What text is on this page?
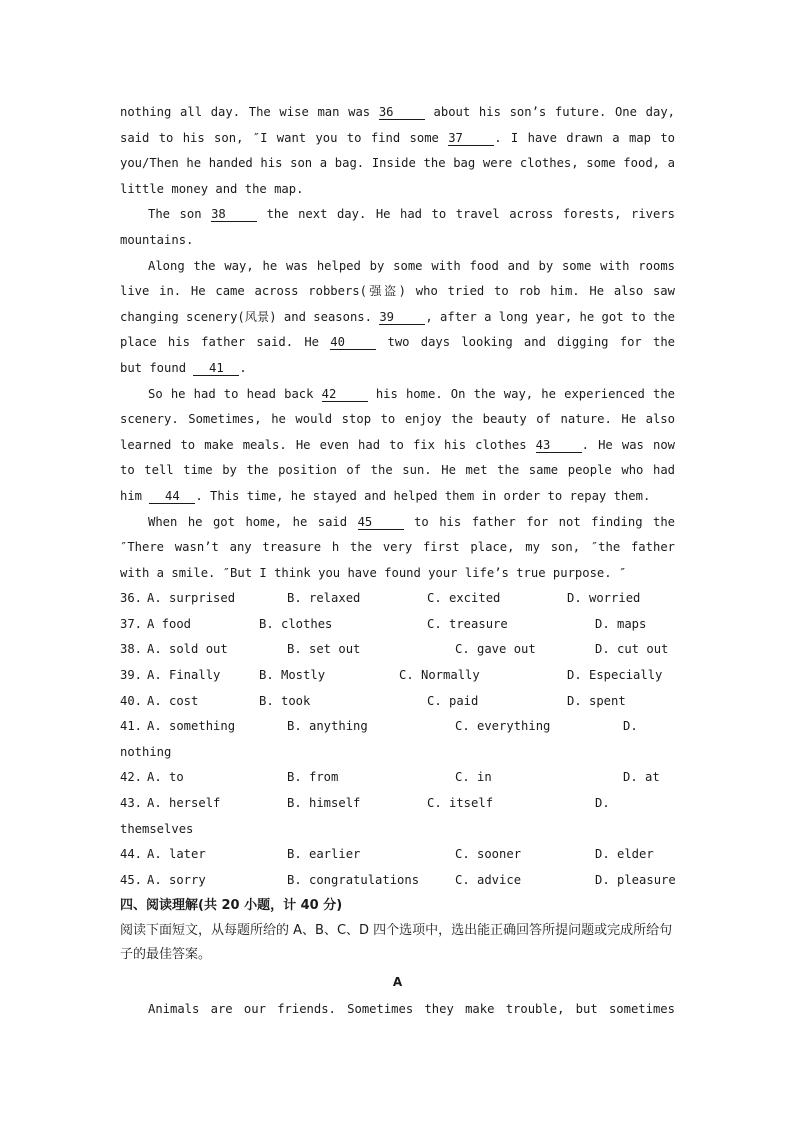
nothing all day. The wise man was 36	about his son’s future. One day,
said to his son, ″I want you to find some 37	. I have drawn a map to
you/Then he handed his son a bag. Inside the bag were clothes, some food, a
little money and the map.
The son 38	the next day. He had to travel across forests, rivers
mountains.
Along the way, he was helped by some with food and by some with rooms
live in. He came across robbers(强盗) who tried to rob him. He also saw
changing scenery(风景) and seasons. 39	, after a long year, he got to the
place his father said. He 40	two days looking and digging for the
but found 41 .
So he had to head back 42	his home. On the way, he experienced the
scenery. Sometimes, he would stop to enjoy the beauty of nature. He also
learned to make meals. He even had to fix his clothes 43	. He was now
to tell time by the position of the sun. He met the same people who had
him 44 . This time, he stayed and helped them in order to repay them.
When he got home, he said 45	to his father for not finding the
″There wasn’t any treasure h the very first place, my son, ″the father
with a smile. ″But I think you have found your life’s true purpose. ″
36. A. surprised	B. relaxed	C. excited	D. worried
37. A food	B. clothes	C. treasure	D. maps
38. A. sold out	B. set out	C. gave out	D. cut out
39. A. Finally	B. Mostly	C. Normally	D. Especially
40. A. cost	B. took	C. paid	D. spent
41. A. something	B. anything	C. everything	D.
nothing
42. A. to	B. from	C. in	D. at
43. A. herself	B. himself	C. itself	D.
themselves
44. A. later	B. earlier	C. sooner	D. elder
45. A. sorry	B. congratulations	C. advice	D. pleasure
四、阅读理解(共 20 小题，计 40 分)
阅读下面短文，从每题所给的 A、B、C、D 四个选项中，选出能正确回答所提问题或完成所给句子的最佳答案。
A
Animals are our friends. Sometimes they make trouble, but sometimes
